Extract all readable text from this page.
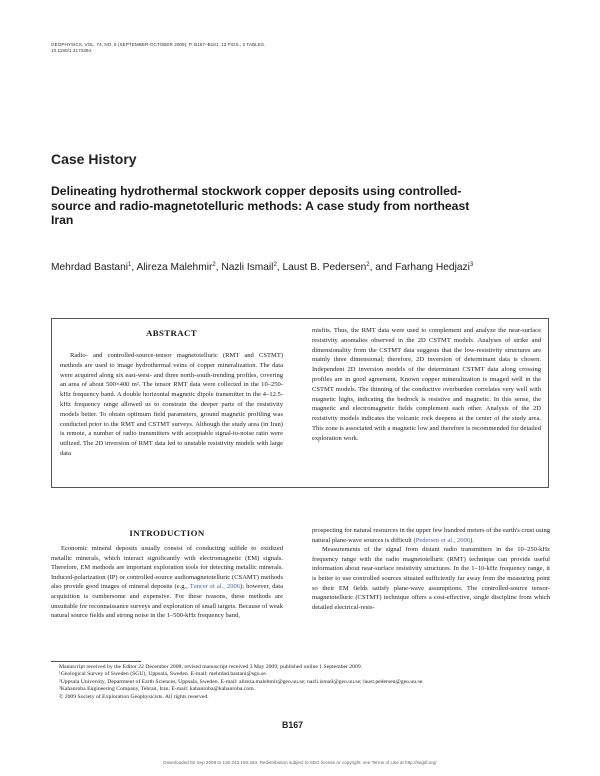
GEOPHYSICS, VOL. 74, NO. 5 (SEPTEMBER-OCTOBER 2009); P. B167–B181, 13 FIGS., 2 TABLES.
10.1190/1.3174394
Case History
Delineating hydrothermal stockwork copper deposits using controlled-source and radio-magnetotelluric methods: A case study from northeast Iran
Mehrdad Bastani$^1$, Alireza Malehmir$^2$, Nazli Ismail$^2$, Laust B. Pedersen$^2$, and Farhang Hedjazi$^3$
ABSTRACT

Radio- and controlled-source-tensor magnetotelluric (RMT and CSTMT) methods are used to image hydrothermal veins of copper mineralization. The data were acquired along six east-west- and three north-south-trending profiles, covering an area of about 500×400 m². The tensor RMT data were collected in the 10–250-kHz frequency band. A double horizontal magnetic dipole transmitter in the 4–12.5-kHz frequency range allowed us to constrain the deeper parts of the resistivity models better. To obtain optimum field parameters, ground magnetic profiling was conducted prior to the RMT and CSTMT surveys. Although the study area (in Iran) is remote, a number of radio transmitters with acceptable signal-to-noise ratio were utilized. The 2D inversion of RMT data led to unstable resistivity models with large data

misfits. Thus, the RMT data were used to complement and analyze the near-surface resistivity anomalies observed in the 2D CSTMT models. Analyses of strike and dimensionality from the CSTMT data suggests that the low-resistivity structures are mainly three dimensional; therefore, 2D inversion of determinant data is chosen. Independent 2D inversion models of the determinant CSTMT data along crossing profiles are in good agreement. Known copper mineralization is imaged well in the CSTMT models. The thinning of the conductive overburden correlates very well with magnetic highs, indicating the bedrock is resistive and magnetic. In this sense, the magnetic and electromagnetic fields complement each other. Analysis of the 2D resistivity models indicates the volcanic rock deepens at the center of the study area. This zone is associated with a magnetic low and therefore is recommended for detailed exploration work.

INTRODUCTION

Economic mineral deposits usually consist of conducting sulfide to oxidized metallic minerals, which interact significantly with electromagnetic (EM) signals. Therefore, EM methods are important exploration tools for detecting metallic minerals. Induced-polarization (IP) or controlled-source audiomagnetotelluric (CSAMT) methods also provide good images of mineral deposits (e.g., Tuncer et al., 2006); however, data acquisition is cumbersome and expensive. For these reasons, these methods are unsuitable for reconnaissance surveys and exploration of small targets. Because of weak natural source fields and strong noise in the 1–500-kHz frequency band,

prospecting for natural resources in the upper few hundred meters of the earth's crust using natural plane-wave sources is difficult (Pedersen et al., 2006).

Measurements of the signal from distant radio transmitters in the 10–250-kHz frequency range with the radio magnetotelluric (RMT) technique can provide useful information about near-surface resistivity structures. In the 1–10-kHz frequency range, it is better to use controlled sources situated sufficiently far away from the measuring point so their EM fields satisfy plane-wave assumptions. The controlled-source tensor-magnetotelluric (CSTMT) technique offers a cost-effective, single discipline from which detailed electrical-resis-

Manuscript received by the Editor 22 December 2008; revised manuscript received 3 May 2009; published online 1 September 2009.

¹Geological Survey of Sweden (SGU), Uppsala, Sweden. E-mail: mehrdad.bastani@sgu.se.

²Uppsala University, Department of Earth Sciences, Uppsala, Sweden. E-mail: alireza.malehmir@geo.uu.se; nazli.ismail@geo.uu.se; laust.pedersen@geo.uu.se.

³Kahanroba Engineering Company, Tehran, Iran. E-mail: kahanroba@kahanroba.com.

© 2009 Society of Exploration Geophysicists. All rights reserved.

B167
Downloaded 02 Sep 2009 to 130.243.193.253. Redistribution subject to SEG license or copyright; see Terms of Use at http://segdl.org/
